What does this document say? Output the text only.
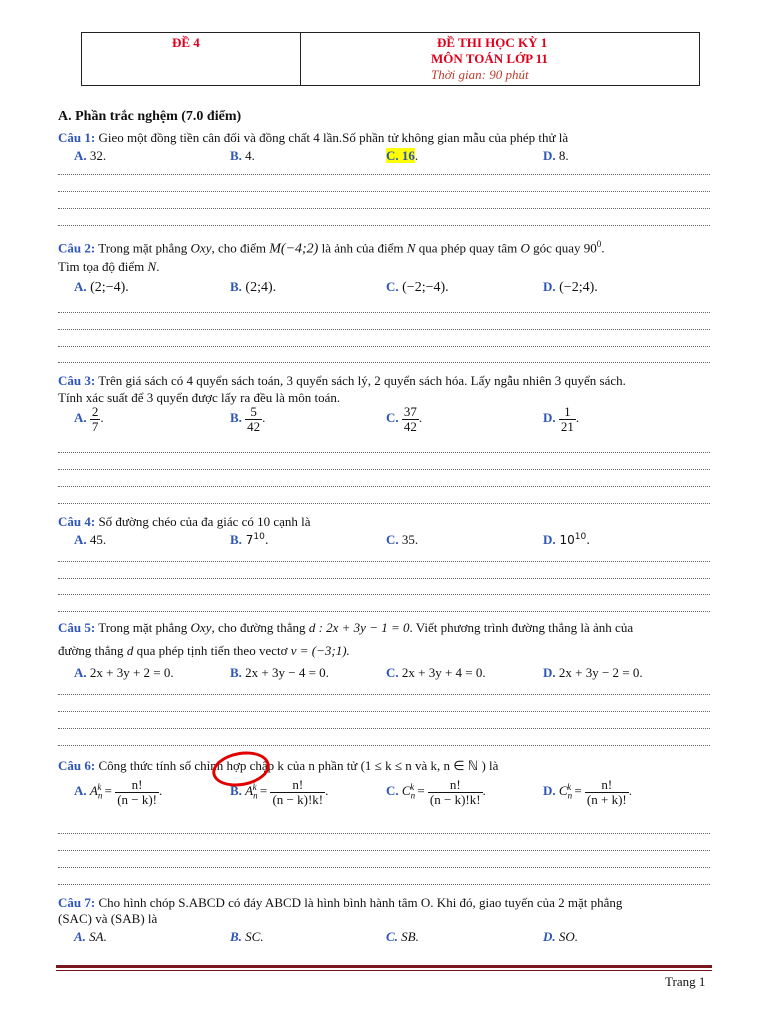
ĐỀ 4	ĐỀ THI HỌC KỲ 1
MÔN TOÁN LỚP 11
Thời gian: 90 phút
A. Phần trắc nghệm (7.0 điểm)
Câu 1: Gieo một đồng tiền cân đối và đồng chất 4 lần.Số phần tử không gian mẫu của phép thử là
A. 32.	B. 4.	C. 16.	D. 8.
Câu 2: Trong mặt phẳng Oxy, cho điểm M(−4;2) là ảnh của điểm N qua phép quay tâm O góc quay $90^0$.
Tìm tọa độ điểm N.
A. (2;−4).	B. (2;4).	C. (−2;−4).	D. (−2;4).
Câu 3: Trên giá sách có 4 quyển sách toán, 3 quyển sách lý, 2 quyển sách hóa. Lấy ngẫu nhiên 3 quyển sách.
Tính xác suất để 3 quyển được lấy ra đều là môn toán.
A. $\frac{2}{7}$ .	B. $\frac{5}{42}$ .	C. $\frac{37}{42}$ .	D. $\frac{1}{21}$ .
Câu 4: Số đường chéo của đa giác có 10 cạnh là
A. 45.	B. $7^{10}$.	C. 35.	D. $10^{10}$.
Câu 5: Trong mặt phẳng Oxy, cho đường thẳng d : 2x + 3y − 1 = 0. Viết phương trình đường thẳng là ảnh của
đường thẳng d qua phép tịnh tiến theo vectơ v = (−3;1).
A. 2x + 3y + 2 = 0.	B. 2x + 3y − 4 = 0.	C. 2x + 3y + 4 = 0.	D. 2x + 3y − 2 = 0.
Câu 6: Công thức tính số chỉnh hợp chập k của n phần tử (1 ≤ k ≤ n và k, n ∈ ℕ ) là
A. $A_n^k = \frac{n!}{(n - k)!}$ .	B. $A_n^k = \frac{n!}{(n - k)!k!}$ .	C. $C_n^k = \frac{n!}{(n - k)!k!}$ .	D. $C_n^k = \frac{n!}{(n + k)!}$ .
Câu 7: Cho hình chóp S.ABCD có đáy ABCD là hình bình hành tâm O. Khi đó, giao tuyến của 2 mặt phẳng
(SAC) và (SAB) là
A. SA.	B. SC.	C. SB.	D. SO.
Trang 1
